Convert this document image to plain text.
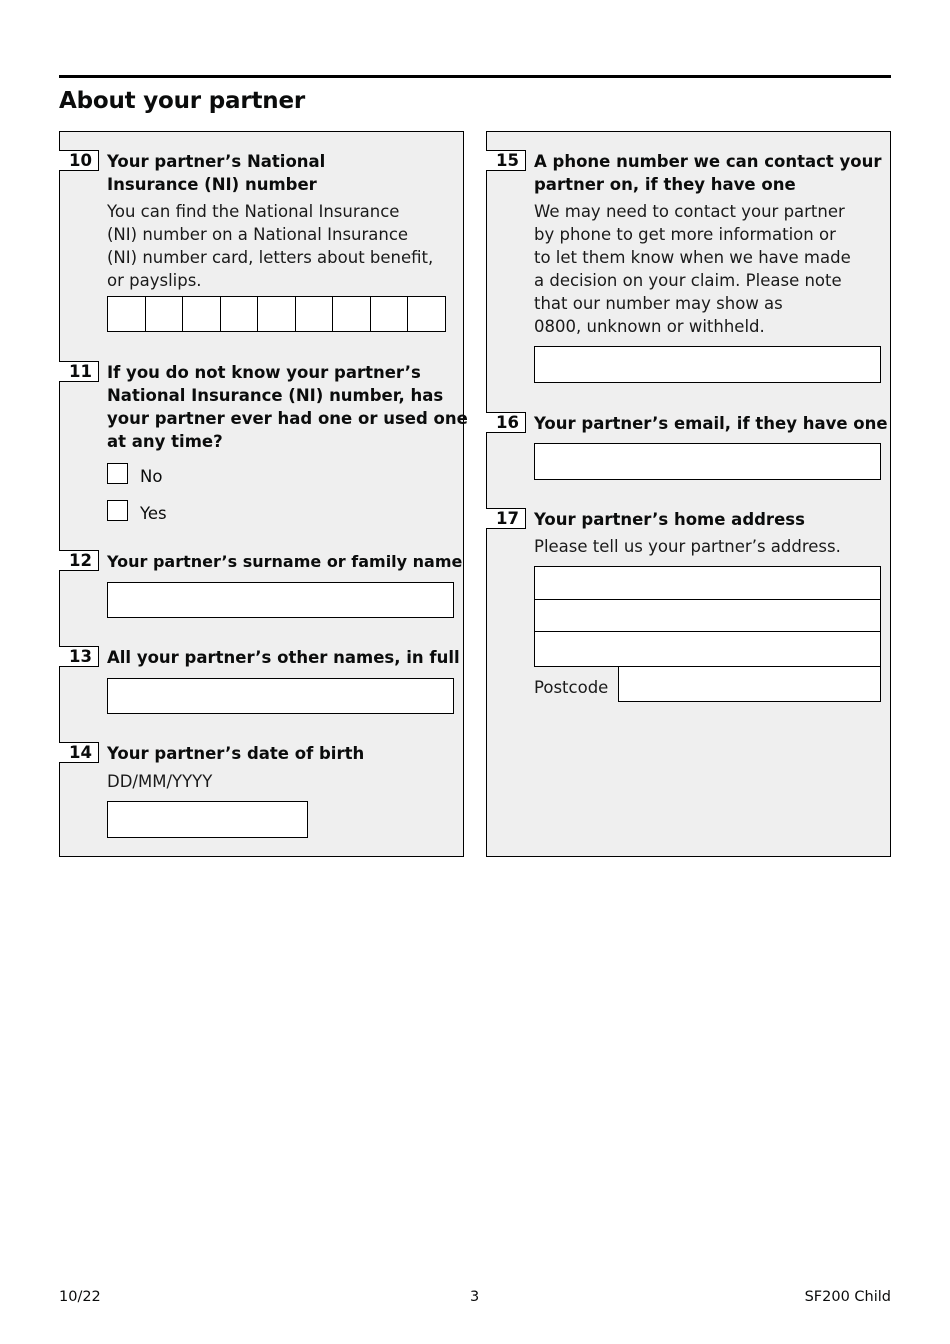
About your partner
10 Your partner’s National
Insurance (NI) number
You can find the National Insurance
(NI) number on a National Insurance
(NI) number card, letters about benefit,
or payslips.
11 If you do not know your partner’s
National Insurance (NI) number, has
your partner ever had one or used one
at any time?
No
Yes
12 Your partner’s surname or family name
13 All your partner’s other names, in full
14 Your partner’s date of birth
DD/MM/YYYY
15 A phone number we can contact your
partner on, if they have one
We may need to contact your partner
by phone to get more information or
to let them know when we have made
a decision on your claim. Please note
that our number may show as
0800, unknown or withheld.
16 Your partner’s email, if they have one
17 Your partner’s home address
Please tell us your partner’s address.
Postcode
10/22	3	SF200 Child
